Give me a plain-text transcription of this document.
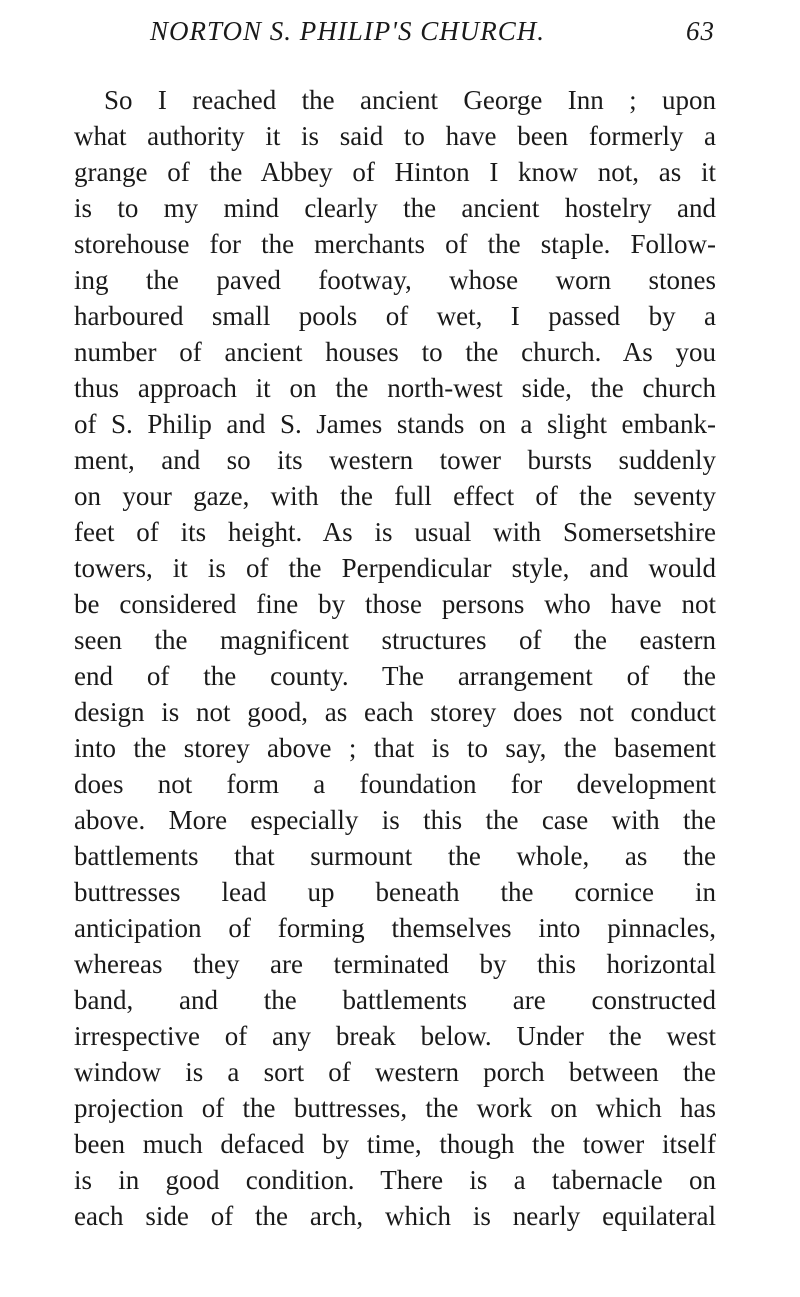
NORTON S. PHILIP'S CHURCH.	63
So I reached the ancient George Inn ; upon
what authority it is said to have been formerly a
grange of the Abbey of Hinton I know not, as it
is to my mind clearly the ancient hostelry and
storehouse for the merchants of the staple. Follow-
ing the paved footway, whose worn stones
harboured small pools of wet, I passed by a
number of ancient houses to the church. As you
thus approach it on the north-west side, the church
of S. Philip and S. James stands on a slight embank-
ment, and so its western tower bursts suddenly
on your gaze, with the full effect of the seventy
feet of its height. As is usual with Somersetshire
towers, it is of the Perpendicular style, and would
be considered fine by those persons who have not
seen the magnificent structures of the eastern
end of the county. The arrangement of the
design is not good, as each storey does not conduct
into the storey above ; that is to say, the basement
does not form a foundation for development
above. More especially is this the case with the
battlements that surmount the whole, as the
buttresses lead up beneath the cornice in
anticipation of forming themselves into pinnacles,
whereas they are terminated by this horizontal
band, and the battlements are constructed
irrespective of any break below. Under the west
window is a sort of western porch between the
projection of the buttresses, the work on which has
been much defaced by time, though the tower itself
is in good condition. There is a tabernacle on
each side of the arch, which is nearly equilateral
